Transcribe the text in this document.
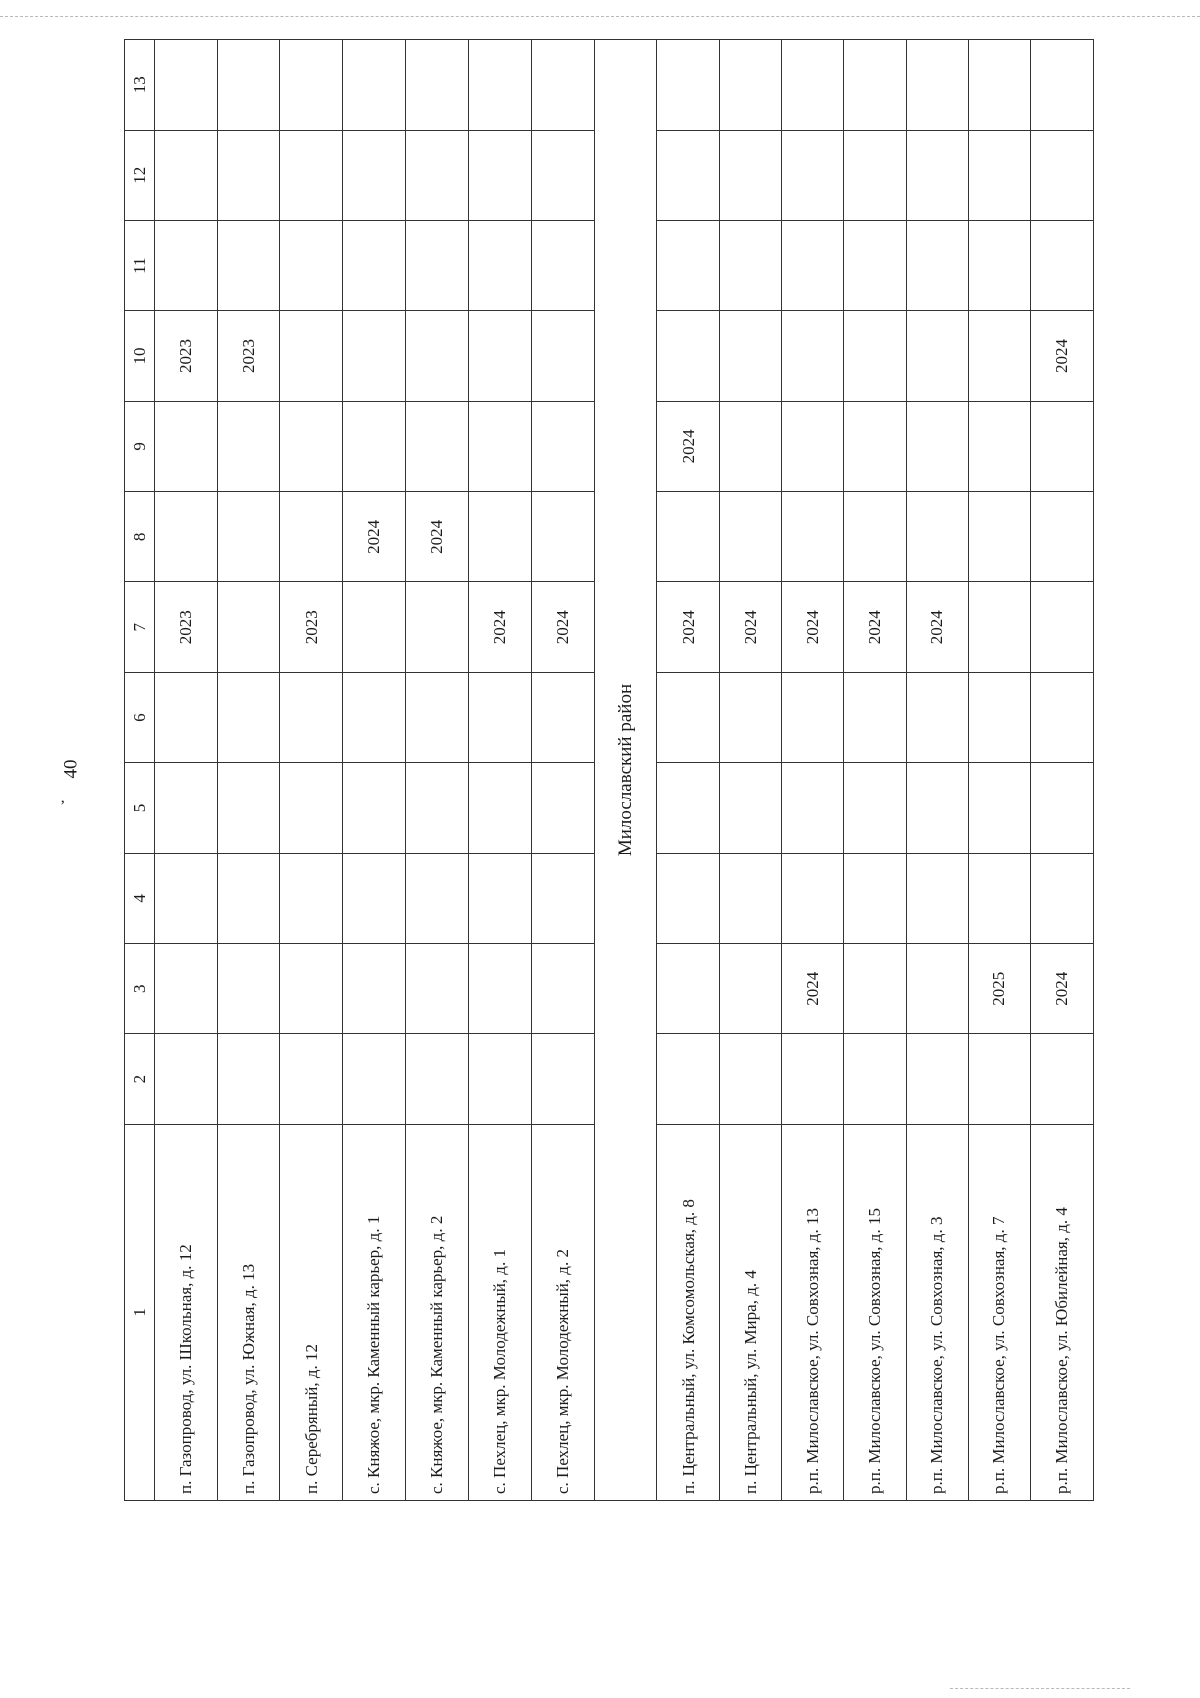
40
’
1	2	3	4	5	6	7	8	9	10	11	12	13
п. Газопровод, ул. Школьная, д. 12						2023			2023			
п. Газопровод, ул. Южная, д. 13									2023			
п. Серебряный, д. 12						2023						
с. Княжое, мкр. Каменный карьер, д. 1							2024					
с. Княжое, мкр. Каменный карьер, д. 2							2024					
с. Пехлец, мкр. Молодежный, д. 1						2024						
с. Пехлец, мкр. Молодежный, д. 2						2024						
Милославский район												
п. Центральный, ул. Комсомольская, д. 8						2024		2024				
п. Центральный, ул. Мира, д. 4						2024						
р.п. Милославское, ул. Совхозная, д. 13		2024				2024						
р.п. Милославское, ул. Совхозная, д. 15						2024						
р.п. Милославское, ул. Совхозная, д. 3						2024						
р.п. Милославское, ул. Совхозная, д. 7		2025										
р.п. Милославское, ул. Юбилейная, д. 4		2024							2024			
